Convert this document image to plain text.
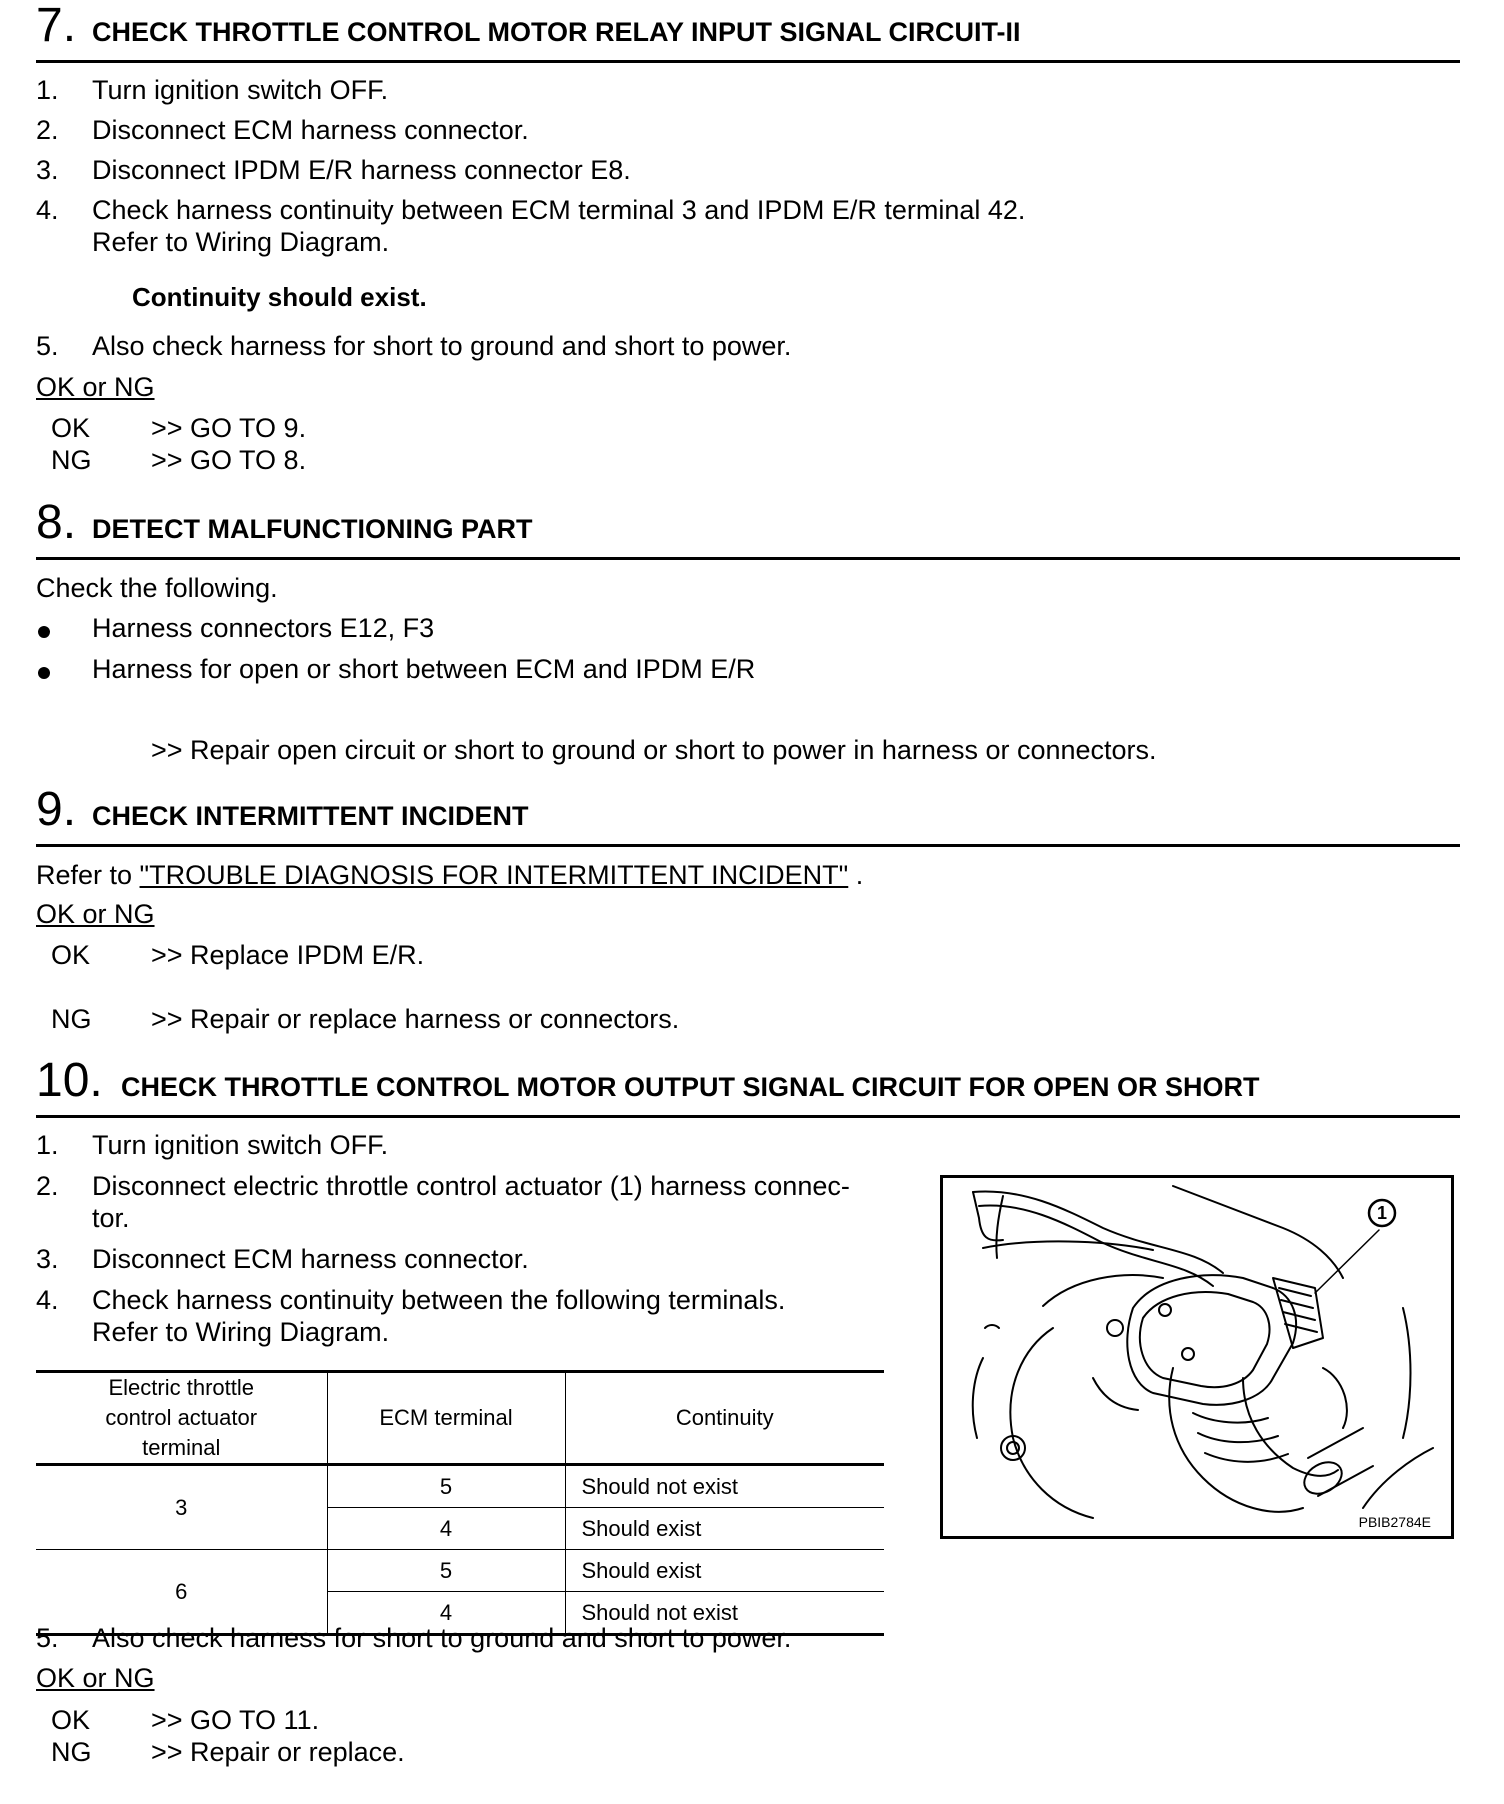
7. CHECK THROTTLE CONTROL MOTOR RELAY INPUT SIGNAL CIRCUIT-II
1. Turn ignition switch OFF.
2. Disconnect ECM harness connector.
3. Disconnect IPDM E/R harness connector E8.
4. Check harness continuity between ECM terminal 3 and IPDM E/R terminal 42.
Refer to Wiring Diagram.
Continuity should exist.
5. Also check harness for short to ground and short to power.
OK or NG
OK >> GO TO 9.
NG >> GO TO 8.
8. DETECT MALFUNCTIONING PART
Check the following.
Harness connectors E12, F3
Harness for open or short between ECM and IPDM E/R
>> Repair open circuit or short to ground or short to power in harness or connectors.
9. CHECK INTERMITTENT INCIDENT
Refer to "TROUBLE DIAGNOSIS FOR INTERMITTENT INCIDENT" .
OK or NG
OK >> Replace IPDM E/R.
NG >> Repair or replace harness or connectors.
10. CHECK THROTTLE CONTROL MOTOR OUTPUT SIGNAL CIRCUIT FOR OPEN OR SHORT
1. Turn ignition switch OFF.
2. Disconnect electric throttle control actuator (1) harness connec-
tor.
3. Disconnect ECM harness connector.
4. Check harness continuity between the following terminals.
Refer to Wiring Diagram.
Electric throttle control actuator terminal	ECM terminal	Continuity
3	5	Should not exist
	4	Should exist
6	5	Should exist
	4	Should not exist
5. Also check harness for short to ground and short to power.
OK or NG
OK >> GO TO 11.
NG >> Repair or replace.
1
PBIB2784E
